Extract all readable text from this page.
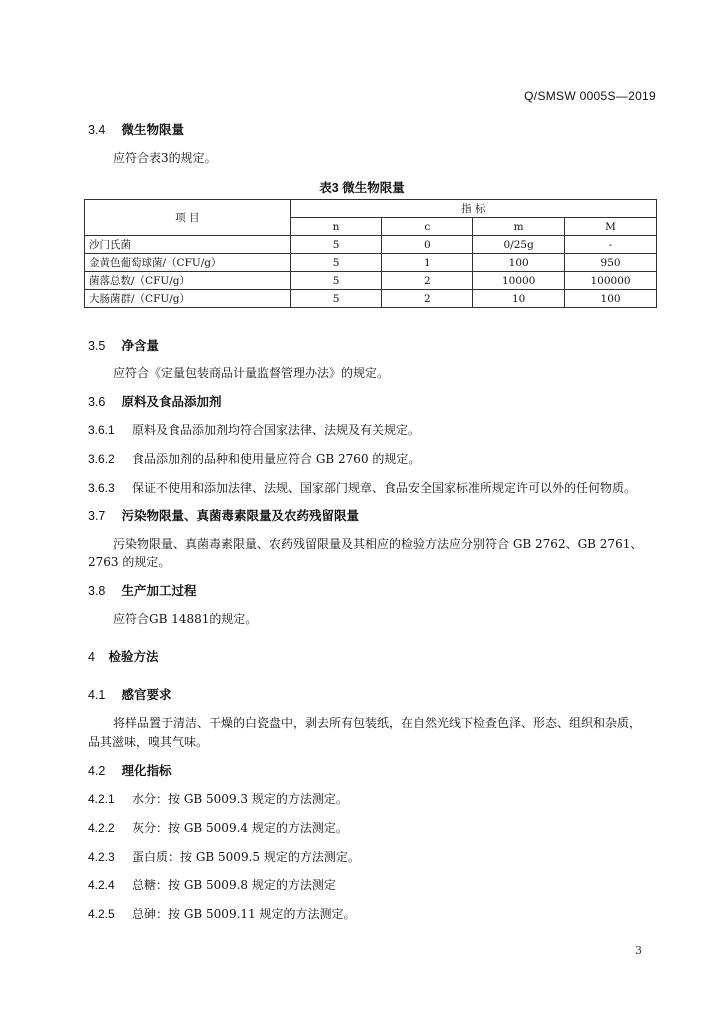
Q/SMSW 0005S—2019
3.4 微生物限量
应符合表3的规定。
表3 微生物限量
项 目	指 标			
	n	c	m	M
沙门氏菌	5	0	0/25g	-
金黄色葡萄球菌/（CFU/g）	5	1	100	950
菌落总数/（CFU/g）	5	2	10000	100000
大肠菌群/（CFU/g）	5	2	10	100
3.5 净含量
应符合《定量包装商品计量监督管理办法》的规定。
3.6 原料及食品添加剂
3.6.1 原料及食品添加剂均符合国家法律、法规及有关规定。
3.6.2 食品添加剂的品种和使用量应符合 GB 2760 的规定。
3.6.3 保证不使用和添加法律、法规、国家部门规章、食品安全国家标准所规定许可以外的任何物质。
3.7 污染物限量、真菌毒素限量及农药残留限量
污染物限量、真菌毒素限量、农药残留限量及其相应的检验方法应分别符合 GB 2762、GB 2761、
2763 的规定。
3.8 生产加工过程
应符合GB 14881的规定。
4 检验方法
4.1 感官要求
将样品置于清洁、干燥的白瓷盘中，剥去所有包装纸，在自然光线下检查色泽、形态、组织和杂质，
品其滋味，嗅其气味。
4.2 理化指标
4.2.1 水分：按 GB 5009.3 规定的方法测定。
4.2.2 灰分：按 GB 5009.4 规定的方法测定。
4.2.3 蛋白质：按 GB 5009.5 规定的方法测定。
4.2.4 总糖：按 GB 5009.8 规定的方法测定
4.2.5 总砷：按 GB 5009.11 规定的方法测定。
3
